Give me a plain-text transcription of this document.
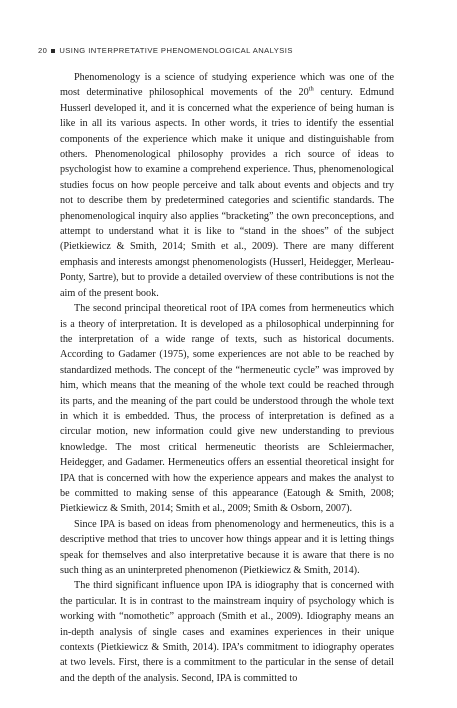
20 USING INTERPRETATIVE PHENOMENOLOGICAL ANALYSIS

Phenomenology is a science of studying experience which was one of the most determinative philosophical movements of the 20th century. Edmund Husserl developed it, and it is concerned what the experience of being human is like in all its various aspects. In other words, it tries to identify the essential components of the experience which make it unique and distinguishable from others. Phenomenological philosophy provides a rich source of ideas to psychologist how to examine a comprehend experience. Thus, phenomenological studies focus on how people perceive and talk about events and objects and try not to describe them by predetermined categories and scientific standards. The phenomenological inquiry also applies “bracketing” the own preconceptions, and attempt to understand what it is like to “stand in the shoes” of the subject (Pietkiewicz & Smith, 2014; Smith et al., 2009). There are many different emphasis and interests amongst phenomenologists (Husserl, Heidegger, Merleau-Ponty, Sartre), but to provide a detailed overview of these contributions is not the aim of the present book.

The second principal theoretical root of IPA comes from hermeneutics which is a theory of interpretation. It is developed as a philosophical underpinning for the interpretation of a wide range of texts, such as historical documents. According to Gadamer (1975), some experiences are not able to be reached by standardized methods. The concept of the “hermeneutic cycle” was improved by him, which means that the meaning of the whole text could be reached through its parts, and the meaning of the part could be understood through the whole text in which it is embedded. Thus, the process of interpretation is defined as a circular motion, new information could give new understanding to previous knowledge. The most critical hermeneutic theorists are Schleiermacher, Heidegger, and Gadamer. Hermeneutics offers an essential theoretical insight for IPA that is concerned with how the experience appears and makes the analyst to be committed to making sense of this appearance (Eatough & Smith, 2008; Pietkiewicz & Smith, 2014; Smith et al., 2009; Smith & Osborn, 2007).

Since IPA is based on ideas from phenomenology and hermeneutics, this is a descriptive method that tries to uncover how things appear and it is letting things speak for themselves and also interpretative because it is aware that there is no such thing as an uninterpreted phenomenon (Pietkiewicz & Smith, 2014).

The third significant influence upon IPA is idiography that is concerned with the particular. It is in contrast to the mainstream inquiry of psychology which is working with “nomothetic” approach (Smith et al., 2009). Idiography means an in-depth analysis of single cases and examines experiences in their unique contexts (Pietkiewicz & Smith, 2014). IPA’s commitment to idiography operates at two levels. First, there is a commitment to the particular in the sense of detail and the depth of the analysis. Second, IPA is committed to
